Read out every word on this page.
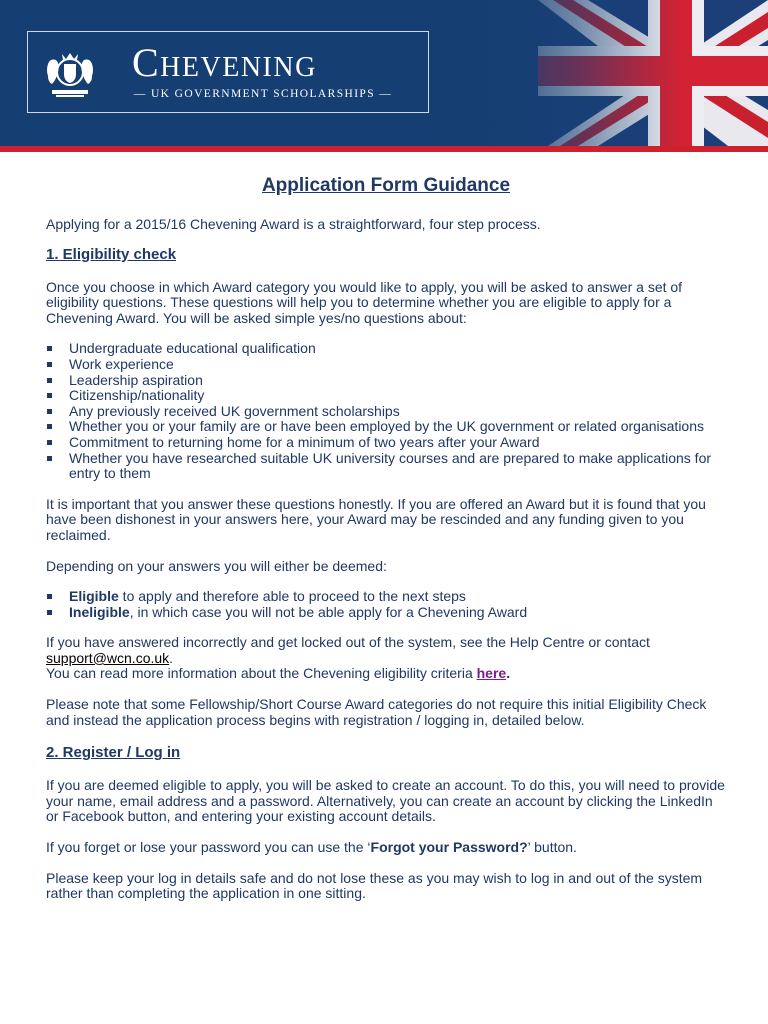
Chevening
— UK GOVERNMENT SCHOLARSHIPS —
Application Form Guidance

Applying for a 2015/16 Chevening Award is a straightforward, four step process.

1. Eligibility check

Once you choose in which Award category you would like to apply, you will be asked to answer a set of eligibility questions. These questions will help you to determine whether you are eligible to apply for a Chevening Award. You will be asked simple yes/no questions about:

Undergraduate educational qualification
Work experience
Leadership aspiration
Citizenship/nationality
Any previously received UK government scholarships
Whether you or your family are or have been employed by the UK government or related organisations
Commitment to returning home for a minimum of two years after your Award
Whether you have researched suitable UK university courses and are prepared to make applications for entry to them

It is important that you answer these questions honestly. If you are offered an Award but it is found that you have been dishonest in your answers here, your Award may be rescinded and any funding given to you reclaimed.

Depending on your answers you will either be deemed:

Eligible to apply and therefore able to proceed to the next steps
Ineligible, in which case you will not be able apply for a Chevening Award

If you have answered incorrectly and get locked out of the system, see the Help Centre or contact
support@wcn.co.uk.
You can read more information about the Chevening eligibility criteria here.

Please note that some Fellowship/Short Course Award categories do not require this initial Eligibility Check and instead the application process begins with registration / logging in, detailed below.

2. Register / Log in

If you are deemed eligible to apply, you will be asked to create an account. To do this, you will need to provide your name, email address and a password. Alternatively, you can create an account by clicking the LinkedIn or Facebook button, and entering your existing account details.

If you forget or lose your password you can use the ‘Forgot your Password?’ button.

Please keep your log in details safe and do not lose these as you may wish to log in and out of the system rather than completing the application in one sitting.
